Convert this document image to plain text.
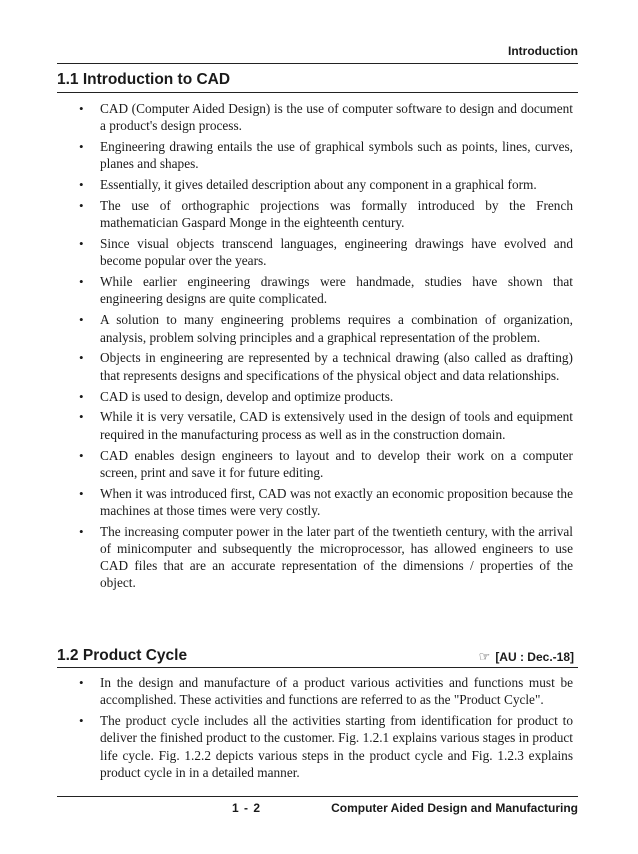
Introduction
1.1 Introduction to CAD
• CAD (Computer Aided Design) is the use of computer software to design and document a product's design process.
• Engineering drawing entails the use of graphical symbols such as points, lines, curves, planes and shapes.
• Essentially, it gives detailed description about any component in a graphical form.
• The use of orthographic projections was formally introduced by the French mathematician Gaspard Monge in the eighteenth century.
• Since visual objects transcend languages, engineering drawings have evolved and become popular over the years.
• While earlier engineering drawings were handmade, studies have shown that engineering designs are quite complicated.
• A solution to many engineering problems requires a combination of organization, analysis, problem solving principles and a graphical representation of the problem.
• Objects in engineering are represented by a technical drawing (also called as drafting) that represents designs and specifications of the physical object and data relationships.
• CAD is used to design, develop and optimize products.
• While it is very versatile, CAD is extensively used in the design of tools and equipment required in the manufacturing process as well as in the construction domain.
• CAD enables design engineers to layout and to develop their work on a computer screen, print and save it for future editing.
• When it was introduced first, CAD was not exactly an economic proposition because the machines at those times were very costly.
• The increasing computer power in the later part of the twentieth century, with the arrival of minicomputer and subsequently the microprocessor, has allowed engineers to use CAD files that are an accurate representation of the dimensions / properties of the object.
1.2 Product Cycle	☞ [AU : Dec.-18]
• In the design and manufacture of a product various activities and functions must be accomplished. These activities and functions are referred to as the "Product Cycle".
• The product cycle includes all the activities starting from identification for product to deliver the finished product to the customer. Fig. 1.2.1 explains various stages in product life cycle. Fig. 1.2.2 depicts various steps in the product cycle and Fig. 1.2.3 explains product cycle in in a detailed manner.
1 - 2	Computer Aided Design and Manufacturing
